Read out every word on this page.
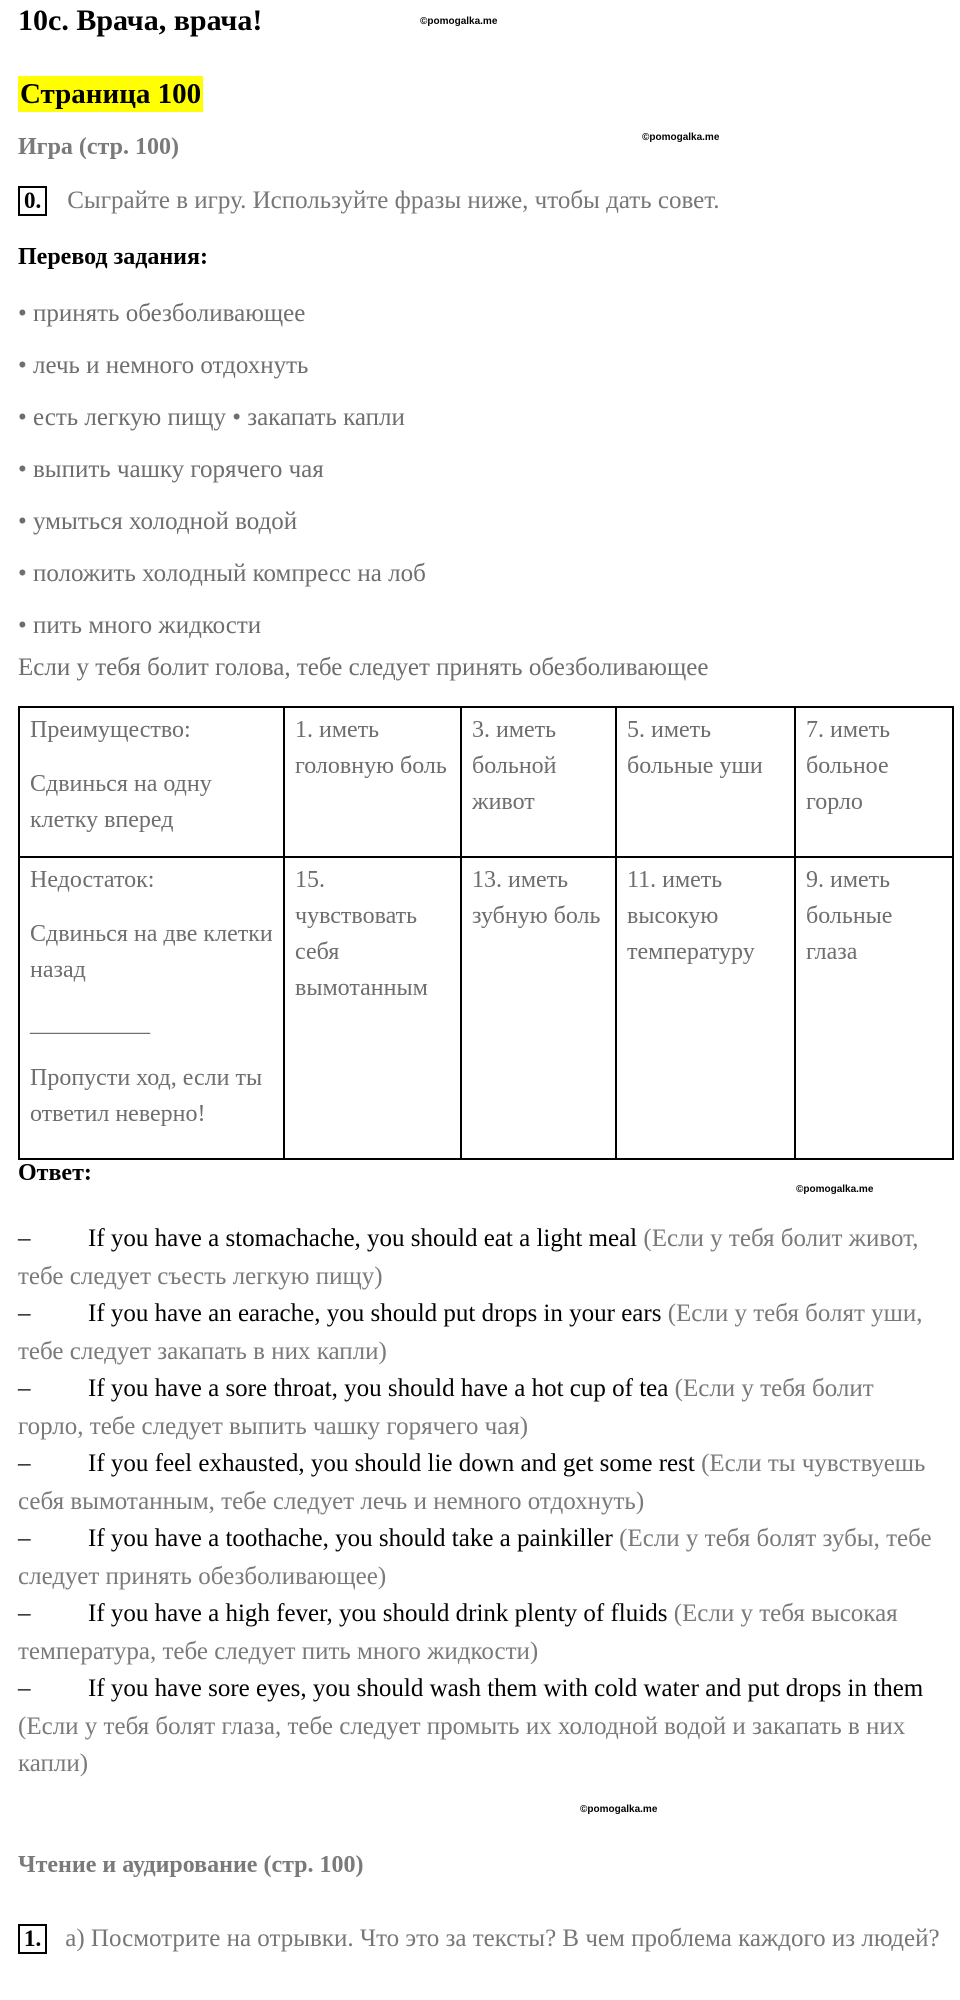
10с. Врача, врача!	©pomogalka.me
Страница 100
Игра (стр. 100)	©pomogalka.me
0. Сыграйте в игру. Используйте фразы ниже, чтобы дать совет.
Перевод задания:
• принять обезболивающее
• лечь и немного отдохнуть
• есть легкую пищу • закапать капли
• выпить чашку горячего чая
• умыться холодной водой
• положить холодный компресс на лоб
• пить много жидкости
Если у тебя болит голова, тебе следует принять обезболивающее

Преимущество:

Сдвинься на одну клетку вперед	1. иметь головную боль	3. иметь больной живот	5. иметь больные уши	7. иметь больное горло

Недостаток:

Сдвинься на две клетки назад

__________

Пропусти ход, если ты ответил неверно!	15. чувствовать себя вымотанным	13. иметь зубную боль	11. иметь высокую температуру	9. иметь больные глаза
Ответ:
©pomogalka.me

– If you have a stomachache, you should eat a light meal (Если у тебя болит живот, тебе следует съесть легкую пищу)

– If you have an earache, you should put drops in your ears (Если у тебя болят уши, тебе следует закапать в них капли)

– If you have a sore throat, you should have a hot cup of tea (Если у тебя болит горло, тебе следует выпить чашку горячего чая)

– If you feel exhausted, you should lie down and get some rest (Если ты чувствуешь себя вымотанным, тебе следует лечь и немного отдохнуть)

– If you have a toothache, you should take a painkiller (Если у тебя болят зубы, тебе следует принять обезболивающее)

– If you have a high fever, you should drink plenty of fluids (Если у тебя высокая температура, тебе следует пить много жидкости)

– If you have sore eyes, you should wash them with cold water and put drops in them (Если у тебя болят глаза, тебе следует промыть их холодной водой и закапать в них капли)

©pomogalka.me
Чтение и аудирование (стр. 100)
1. a) Посмотрите на отрывки. Что это за тексты? В чем проблема каждого из людей?
